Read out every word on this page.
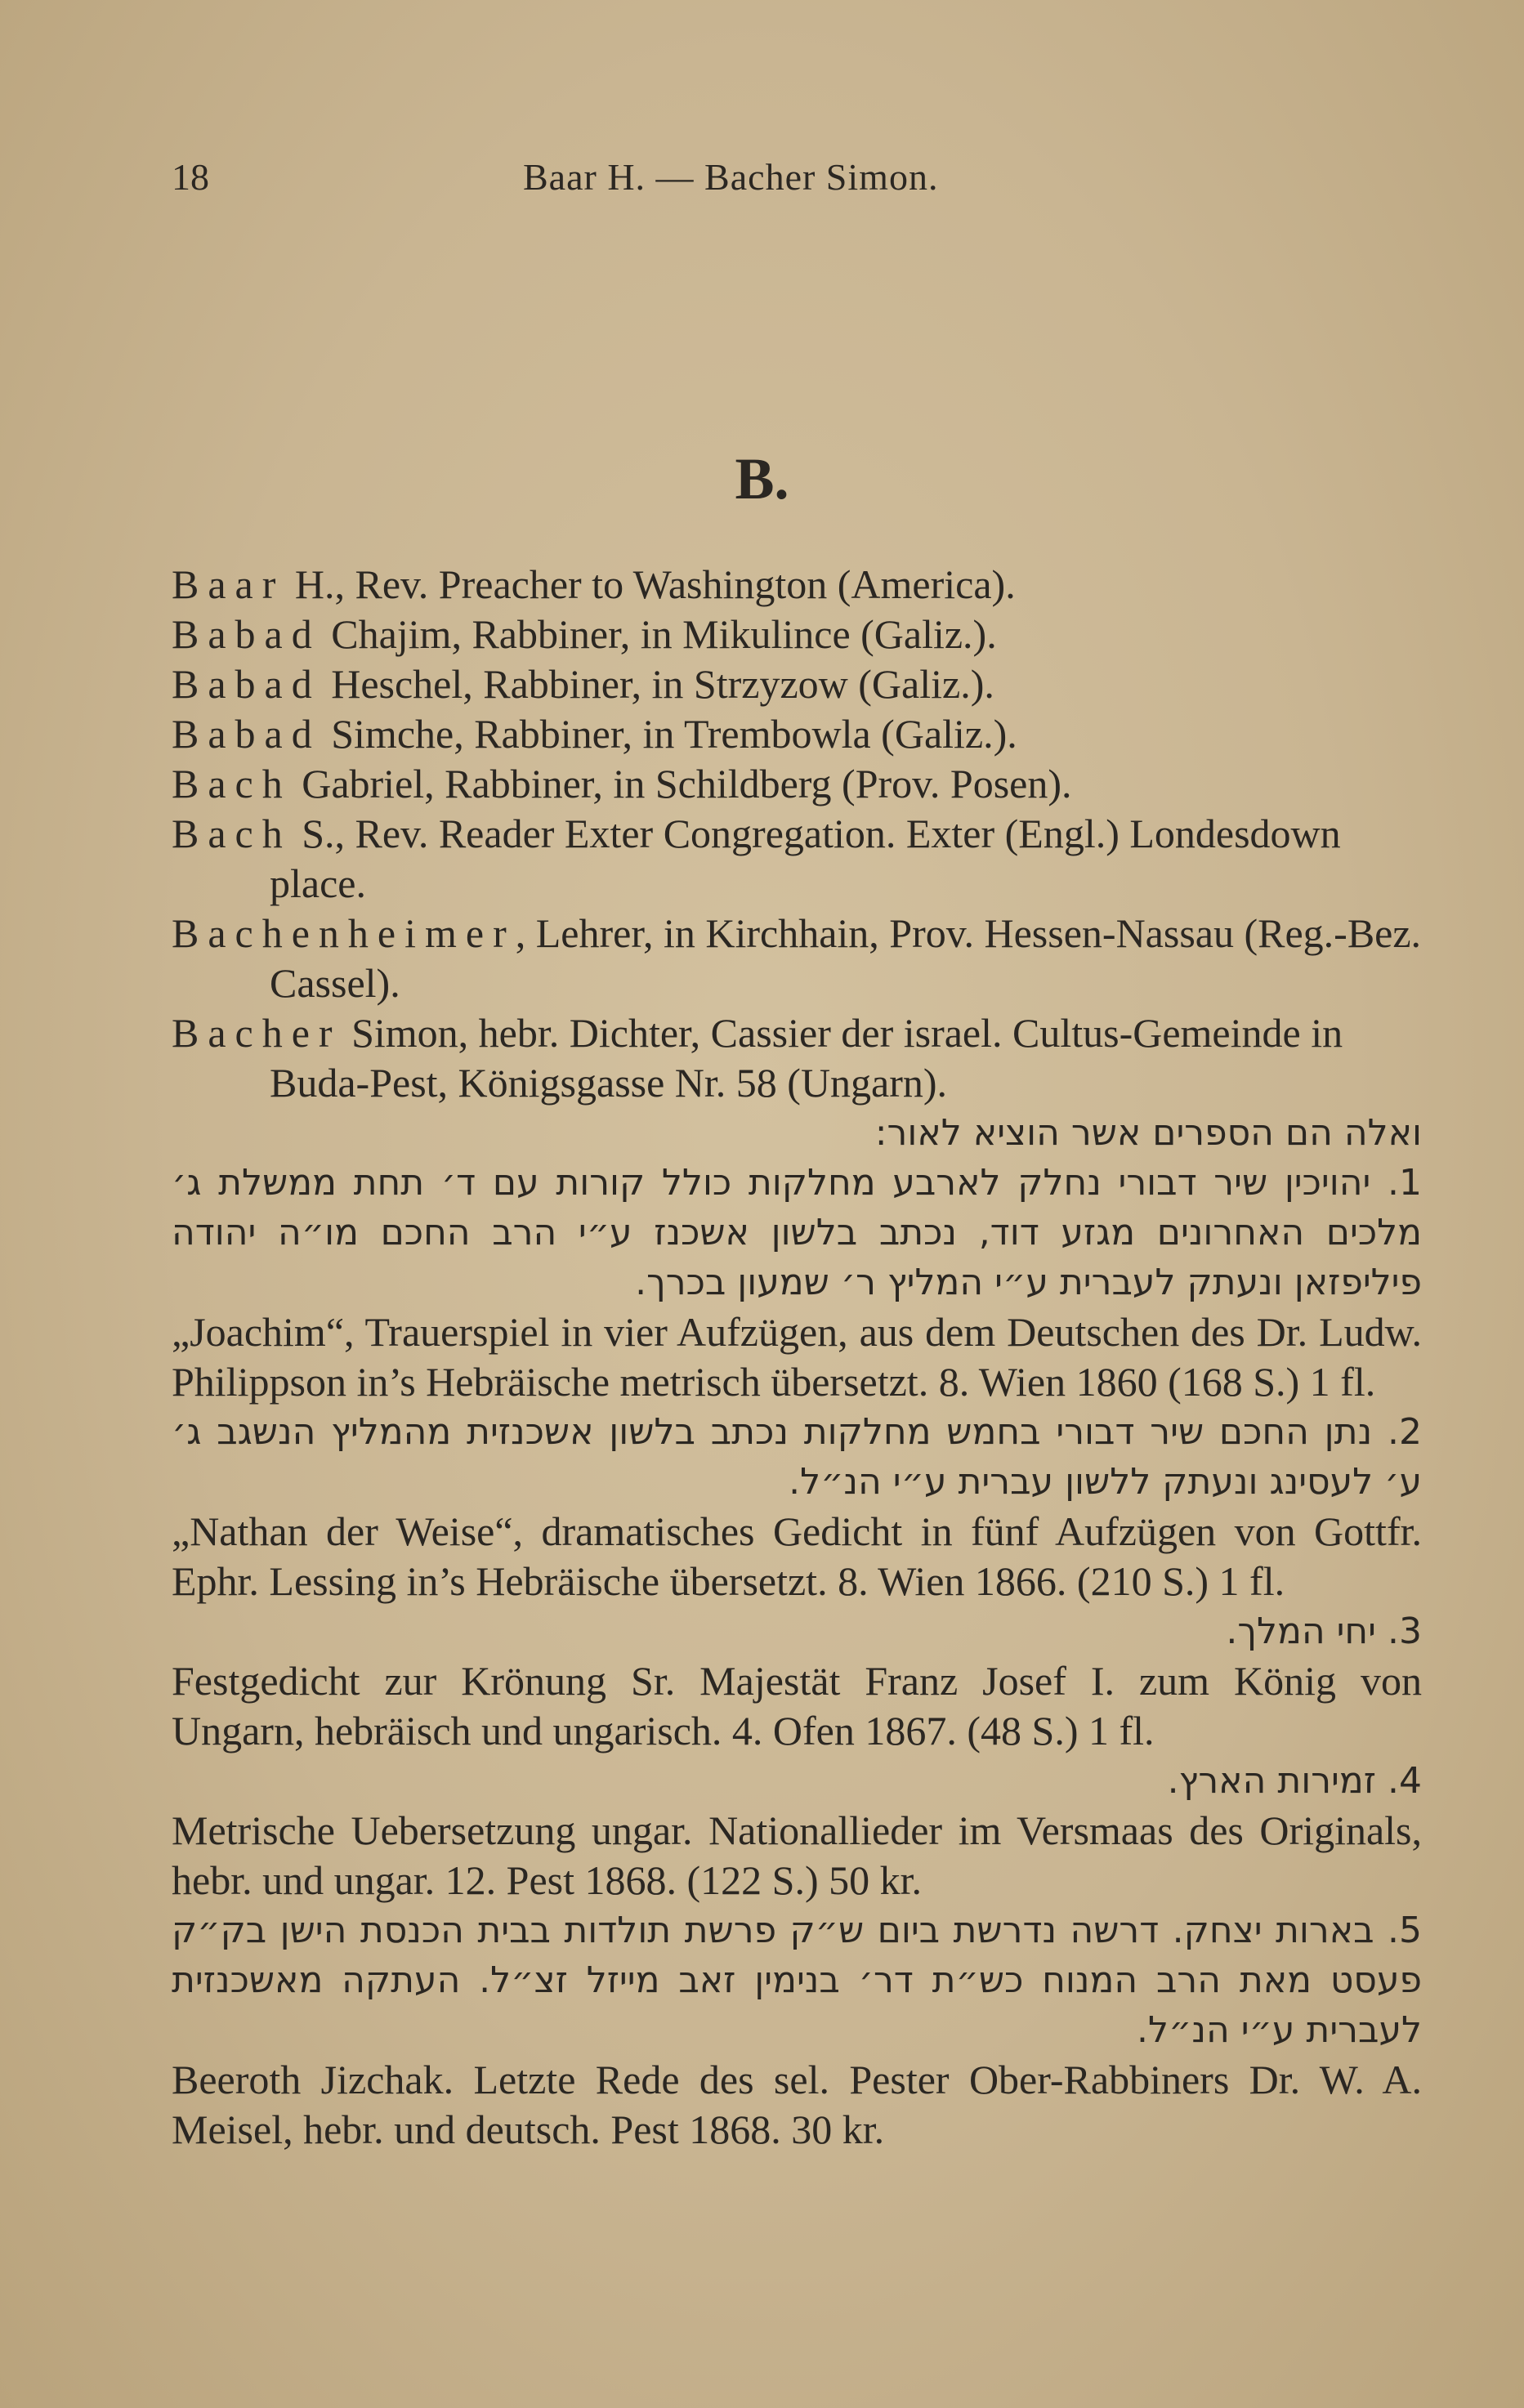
18	Baar H. — Bacher Simon.
B.

Baar H., Rev. Preacher to Washington (America).

Babad Chajim, Rabbiner, in Mikulince (Galiz.).

Babad Heschel, Rabbiner, in Strzyzow (Galiz.).

Babad Simche, Rabbiner, in Trembowla (Galiz.).

Bach Gabriel, Rabbiner, in Schildberg (Prov. Posen).

Bach S., Rev. Reader Exter Congregation. Exter (Engl.) Londesdown place.

Bachenheimer, Lehrer, in Kirchhain, Prov. Hessen-Nassau (Reg.-Bez. Cassel).

Bacher Simon, hebr. Dichter, Cassier der israel. Cultus-Gemeinde in Buda-Pest, Königsgasse Nr. 58 (Ungarn).

ואלה הם הספרים אשר הוציא לאור:

1. יהויכין שיר דבורי נחלק לארבע מחלקות כולל קורות עם ד׳ תחת ממשלת ג׳ מלכים האחרונים מגזע דוד, נכתב בלשון אשכנז ע״י הרב החכם מו״ה יהודה פיליפזאן ונעתק לעברית ע״י המליץ ר׳ שמעון בכרך.

„Joachim“, Trauerspiel in vier Aufzügen, aus dem Deutschen des Dr. Ludw. Philippson in’s Hebräische metrisch übersetzt. 8. Wien 1860 (168 S.) 1 fl.

2. נתן החכם שיר דבורי בחמש מחלקות נכתב בלשון אשכנזית מהמליץ הנשגב ג׳ ע׳ לעסינג ונעתק ללשון עברית ע״י הנ״ל.

„Nathan der Weise“, dramatisches Gedicht in fünf Aufzügen von Gottfr. Ephr. Lessing in’s Hebräische übersetzt. 8. Wien 1866. (210 S.) 1 fl.

3. יחי המלך.

Festgedicht zur Krönung Sr. Majestät Franz Josef I. zum König von Ungarn, hebräisch und ungarisch. 4. Ofen 1867. (48 S.) 1 fl.

4. זמירות הארץ.

Metrische Uebersetzung ungar. Nationallieder im Versmaas des Originals, hebr. und ungar. 12. Pest 1868. (122 S.) 50 kr.

5. בארות יצחק. דרשה נדרשת ביום ש״ק פרשת תולדות בבית הכנסת הישן בק״ק פעסט מאת הרב המנוח כש״ת דר׳ בנימין זאב מייזל זצ״ל. העתקה מאשכנזית לעברית ע״י הנ״ל.

Beeroth Jizchak. Letzte Rede des sel. Pester Ober-Rabbiners Dr. W. A. Meisel, hebr. und deutsch. Pest 1868. 30 kr.
